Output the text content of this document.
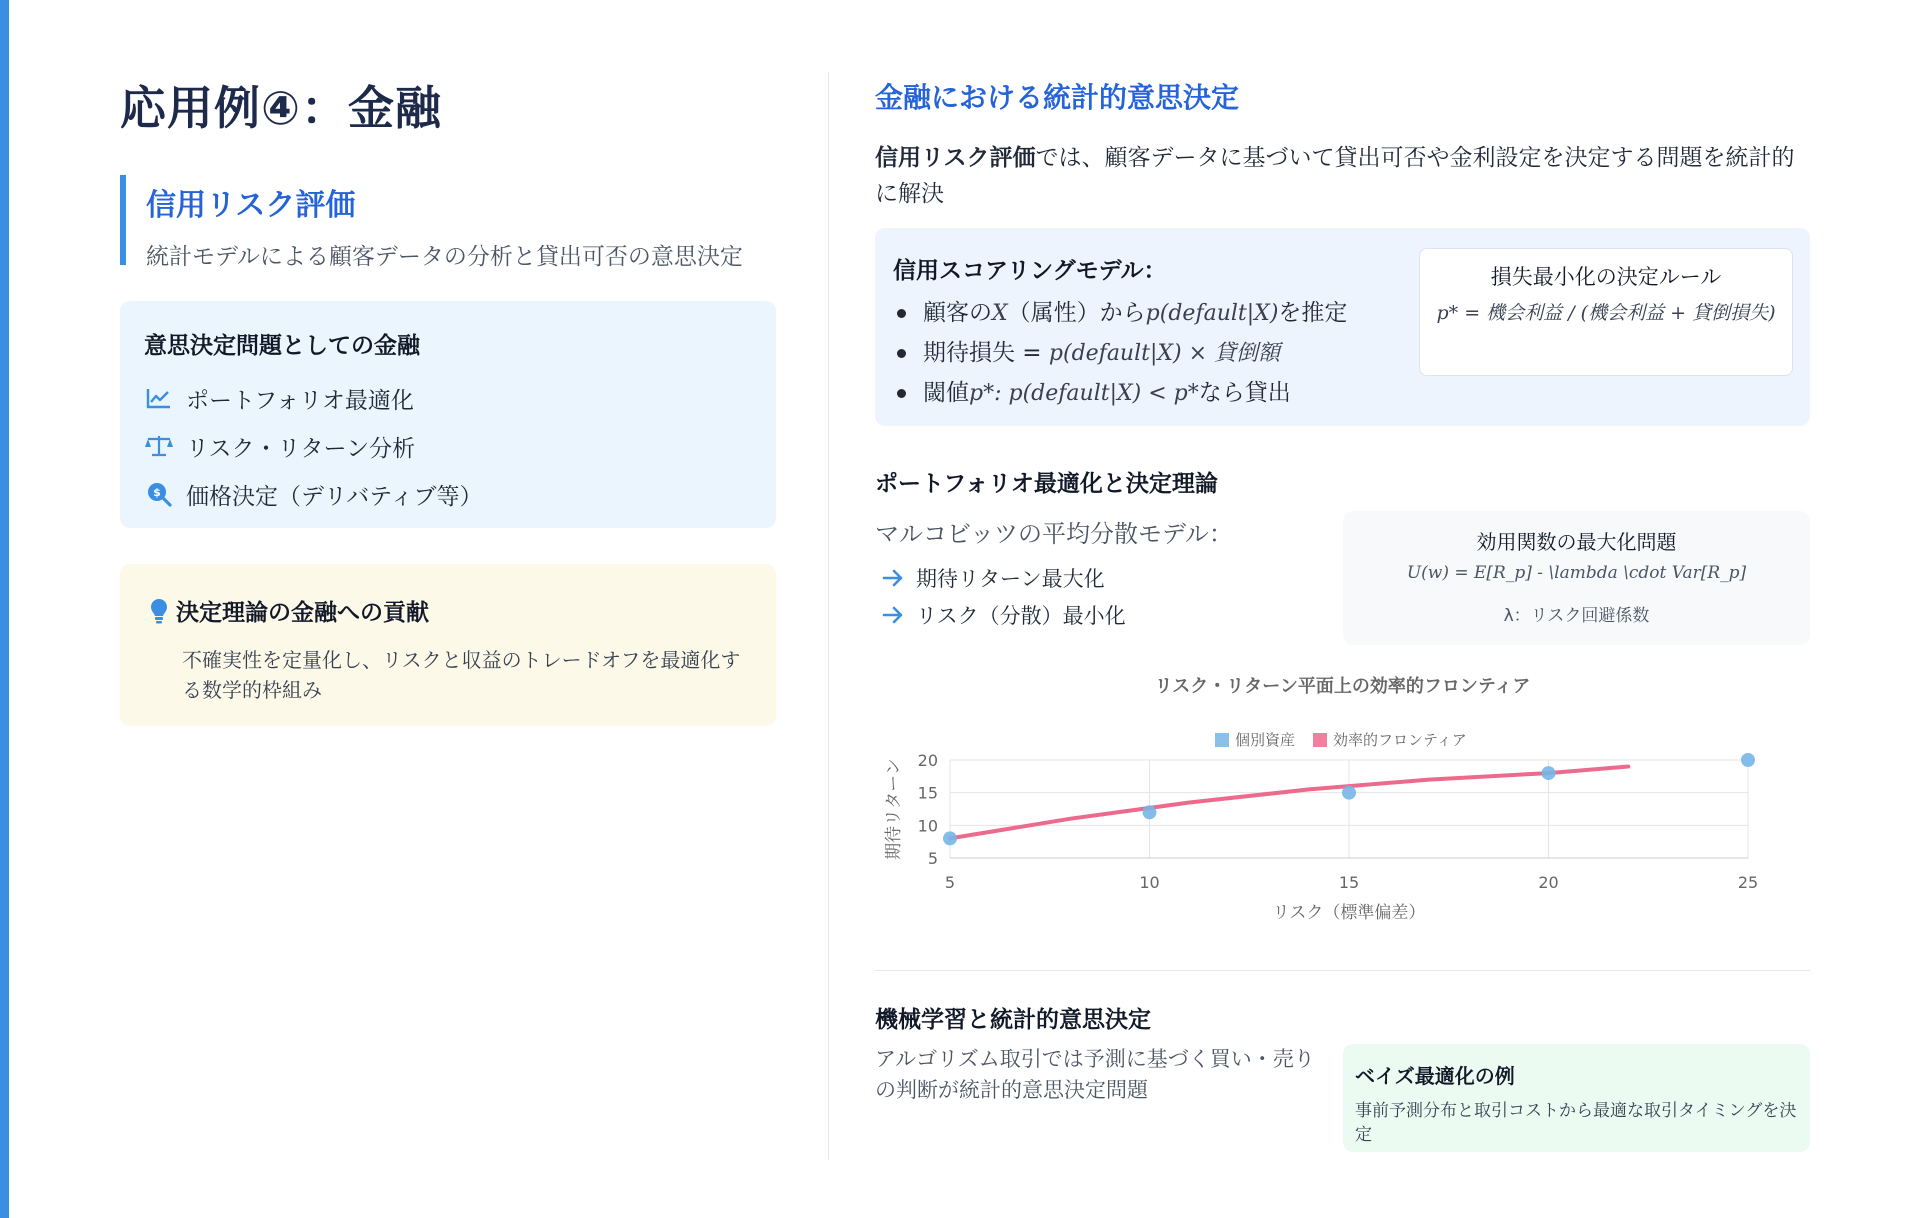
応用例④：金融
信用リスク評価

統計モデルによる顧客データの分析と貸出可否の意思決定

意思決定問題としての金融
ポートフォリオ最適化
リスク・リターン分析
$ 価格決定（デリバティブ等）
決定理論の金融への貢献

不確実性を定量化し、リスクと収益のトレードオフを最適化する数学的枠組み

金融における統計的意思決定

信用リスク評価では、顧客データに基づいて貸出可否や金利設定を決定する問題を統計的に解決

信用スコアリングモデル：
顧客のX（属性）からp(default|X)を推定
期待損失 = p(default|X) × 貸倒額
閾値p*: p(default|X) < p*なら貸出
損失最小化の決定ルール
p* = 機会利益 / (機会利益 + 貸倒損失)
ポートフォリオ最適化と決定理論

マルコビッツの平均分散モデル：

期待リターン最大化
リスク（分散）最小化
効用関数の最大化問題
U(w) = E[R_p] - \lambda \cdot Var[R_p]
λ：リスク回避係数
リスク・リターン平面上の効率的フロンティア
個別資産	効率的フロンティア
5	10	15	20	25
5
10
15
20
リスク（標準偏差）
期待リターン
機械学習と統計的意思決定

アルゴリズム取引では予測に基づく買い・売りの判断が統計的意思決定問題

ベイズ最適化の例
事前予測分布と取引コストから最適な取引タイミングを決定
